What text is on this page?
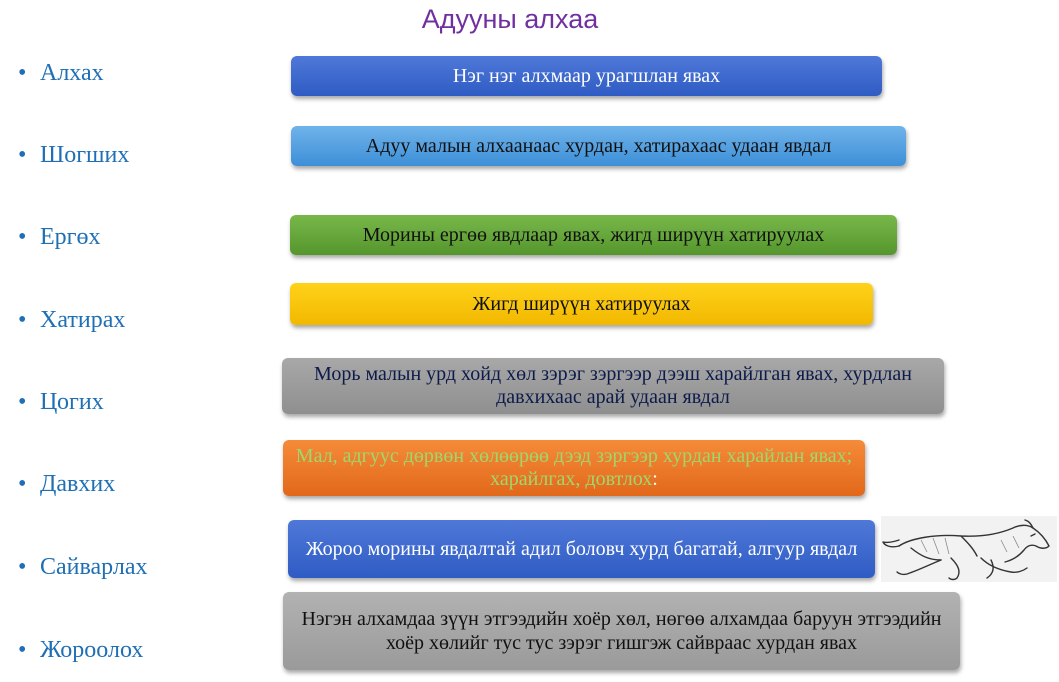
Адууны алхаа
• Алхах
• Шогших
• Ергөх
• Хатирах
• Цогих
• Давхих
• Сайварлах
• Жороолох
Нэг нэг алхмаар урагшлан явах
Адуу малын алхаанаас хурдан, хатирахаас удаан явдал
Морины ергөө явдлаар явах, жигд ширүүн хатируулах
Жигд ширүүн хатируулах
Морь малын урд хойд хөл зэрэг зэргээр дээш харайлган явах, хурдлан давхихаас арай удаан явдал
Мал, адгуус дөрвөн хөлөөрөө дээд зэргээр хурдан харайлан явах; харайлгах, довтлох:
Жороо морины явдалтай адил боловч хурд багатай, алгуур явдал
Нэгэн алхамдаа зүүн этгээдийн хоёр хөл, нөгөө алхамдаа баруун этгээдийн хоёр хөлийг тус тус зэрэг гишгэж сайвраас хурдан явах
